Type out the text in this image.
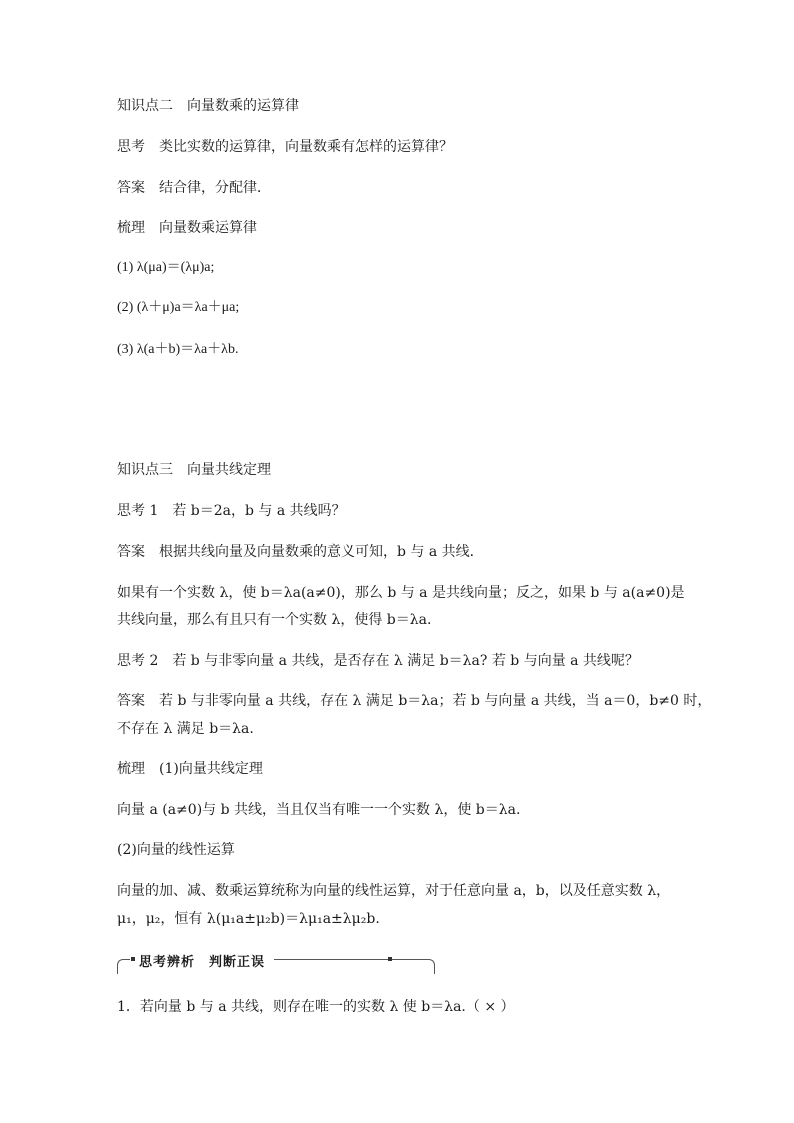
知识点二　向量数乘的运算律
思考　类比实数的运算律，向量数乘有怎样的运算律？
答案　结合律，分配律．
梳理　向量数乘运算律
(1) λ(μa)＝(λμ)a;
(2) (λ＋μ)a＝λa＋μa;
(3) λ(a＋b)＝λa＋λb.
知识点三　向量共线定理
思考 1　若 b＝2a，b 与 a 共线吗？
答案　根据共线向量及向量数乘的意义可知，b 与 a 共线．
如果有一个实数 λ，使 b＝λa(a≠0)，那么 b 与 a 是共线向量；反之，如果 b 与 a(a≠0)是
共线向量，那么有且只有一个实数 λ，使得 b＝λa.
思考 2　若 b 与非零向量 a 共线，是否存在 λ 满足 b＝λa? 若 b 与向量 a 共线呢？
答案　若 b 与非零向量 a 共线，存在 λ 满足 b＝λa；若 b 与向量 a 共线，当 a＝0，b≠0 时，
不存在 λ 满足 b＝λa.
梳理　(1)向量共线定理
向量 a (a≠0)与 b 共线，当且仅当有唯一一个实数 λ，使 b＝λa.
(2)向量的线性运算
向量的加、减、数乘运算统称为向量的线性运算，对于任意向量 a，b，以及任意实数 λ，
μ₁，μ₂，恒有 λ(μ₁a±μ₂b)＝λμ₁a±λμ₂b.
思考辨析　判断正误
1．若向量 b 与 a 共线，则存在唯一的实数 λ 使 b＝λa.（ × ）
